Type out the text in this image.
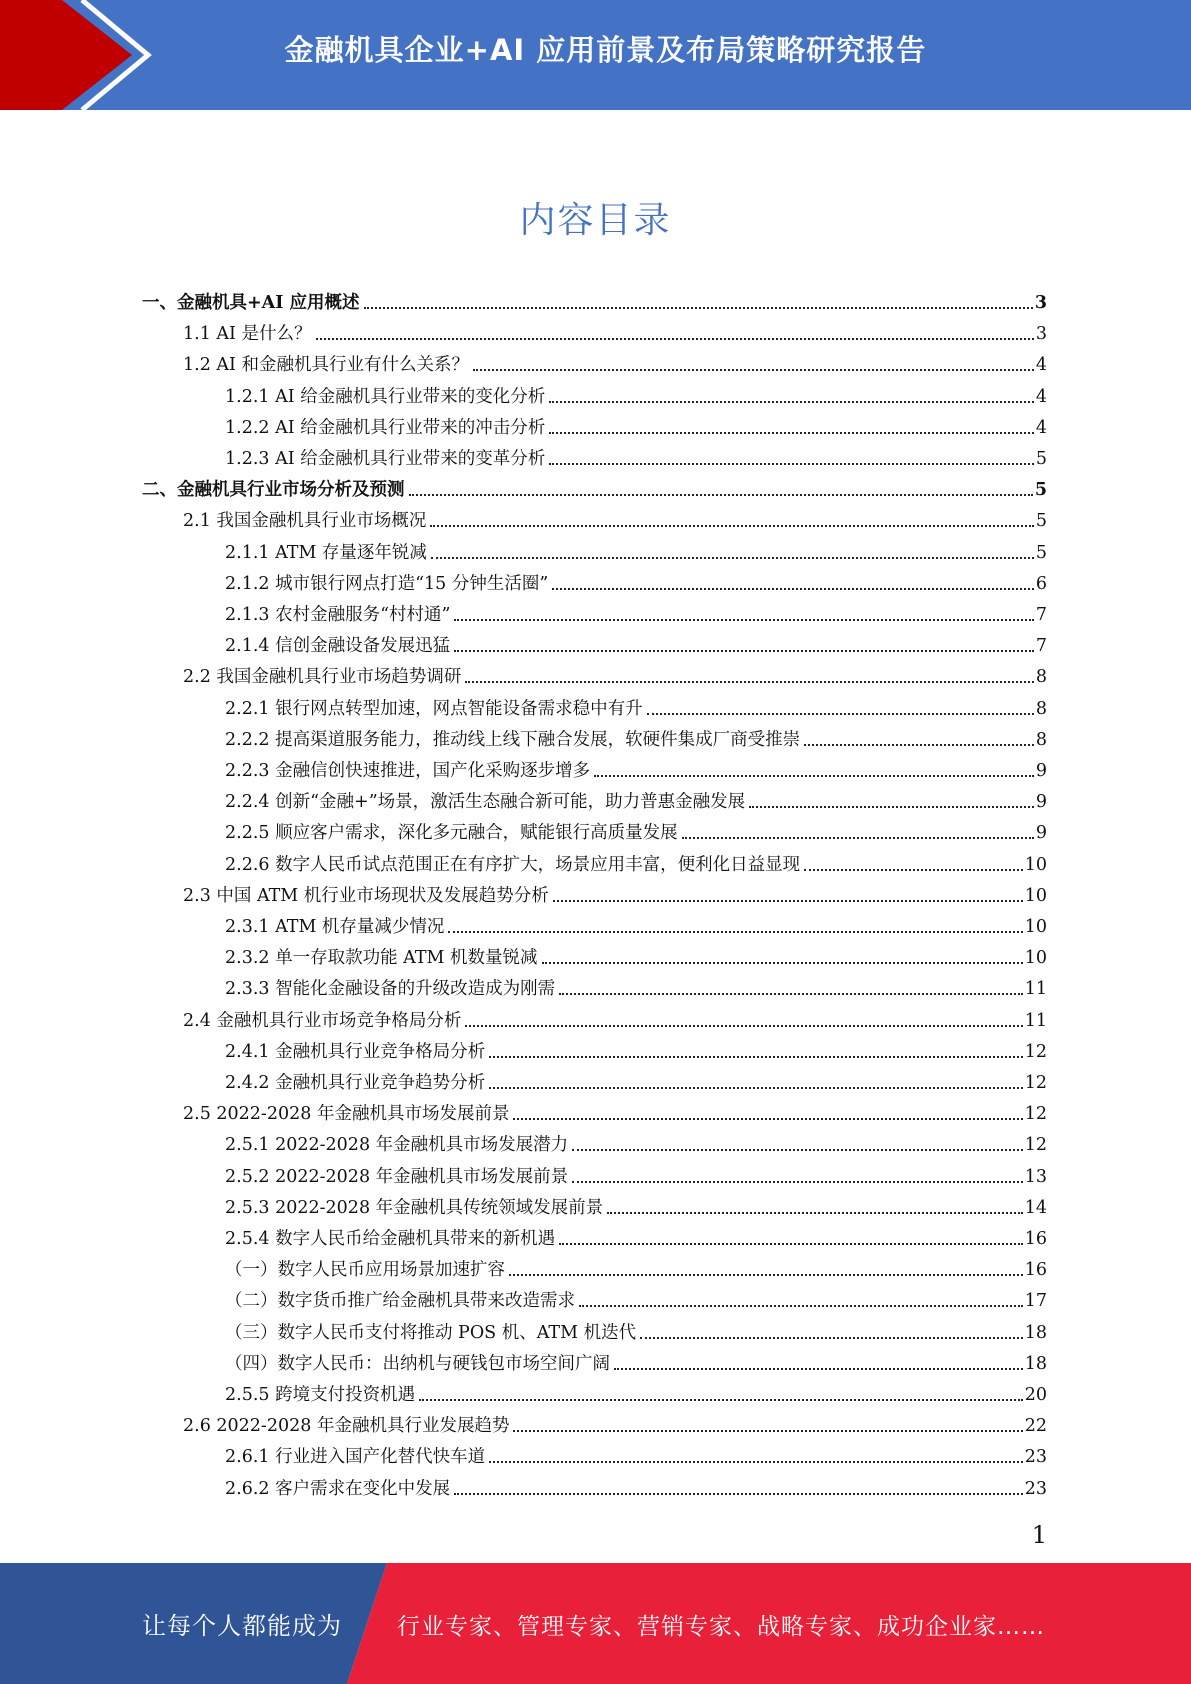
金融机具企业+AI 应用前景及布局策略研究报告
内容目录
一、金融机具+AI 应用概述	3
1.1 AI 是什么？	3
1.2 AI 和金融机具行业有什么关系？	4
1.2.1 AI 给金融机具行业带来的变化分析	4
1.2.2 AI 给金融机具行业带来的冲击分析	4
1.2.3 AI 给金融机具行业带来的变革分析	5
二、金融机具行业市场分析及预测	5
2.1 我国金融机具行业市场概况	5
2.1.1 ATM 存量逐年锐减	5
2.1.2 城市银行网点打造“15 分钟生活圈”	6
2.1.3 农村金融服务“村村通”	7
2.1.4 信创金融设备发展迅猛	7
2.2 我国金融机具行业市场趋势调研	8
2.2.1 银行网点转型加速，网点智能设备需求稳中有升	8
2.2.2 提高渠道服务能力，推动线上线下融合发展，软硬件集成厂商受推崇	8
2.2.3 金融信创快速推进，国产化采购逐步增多	9
2.2.4 创新“金融+”场景，激活生态融合新可能，助力普惠金融发展	9
2.2.5 顺应客户需求，深化多元融合，赋能银行高质量发展	9
2.2.6 数字人民币试点范围正在有序扩大，场景应用丰富，便利化日益显现	10
2.3 中国 ATM 机行业市场现状及发展趋势分析	10
2.3.1 ATM 机存量减少情况	10
2.3.2 单一存取款功能 ATM 机数量锐减	10
2.3.3 智能化金融设备的升级改造成为刚需	11
2.4 金融机具行业市场竞争格局分析	11
2.4.1 金融机具行业竞争格局分析	12
2.4.2 金融机具行业竞争趋势分析	12
2.5 2022-2028 年金融机具市场发展前景	12
2.5.1 2022-2028 年金融机具市场发展潜力	12
2.5.2 2022-2028 年金融机具市场发展前景	13
2.5.3 2022-2028 年金融机具传统领域发展前景	14
2.5.4 数字人民币给金融机具带来的新机遇	16
（一）数字人民币应用场景加速扩容	16
（二）数字货币推广给金融机具带来改造需求	17
（三）数字人民币支付将推动 POS 机、ATM 机迭代	18
（四）数字人民币：出纳机与硬钱包市场空间广阔	18
2.5.5 跨境支付投资机遇	20
2.6 2022-2028 年金融机具行业发展趋势	22
2.6.1 行业进入国产化替代快车道	23
2.6.2 客户需求在变化中发展	23
1
让每个人都能成为 行业专家、管理专家、营销专家、战略专家、成功企业家……
